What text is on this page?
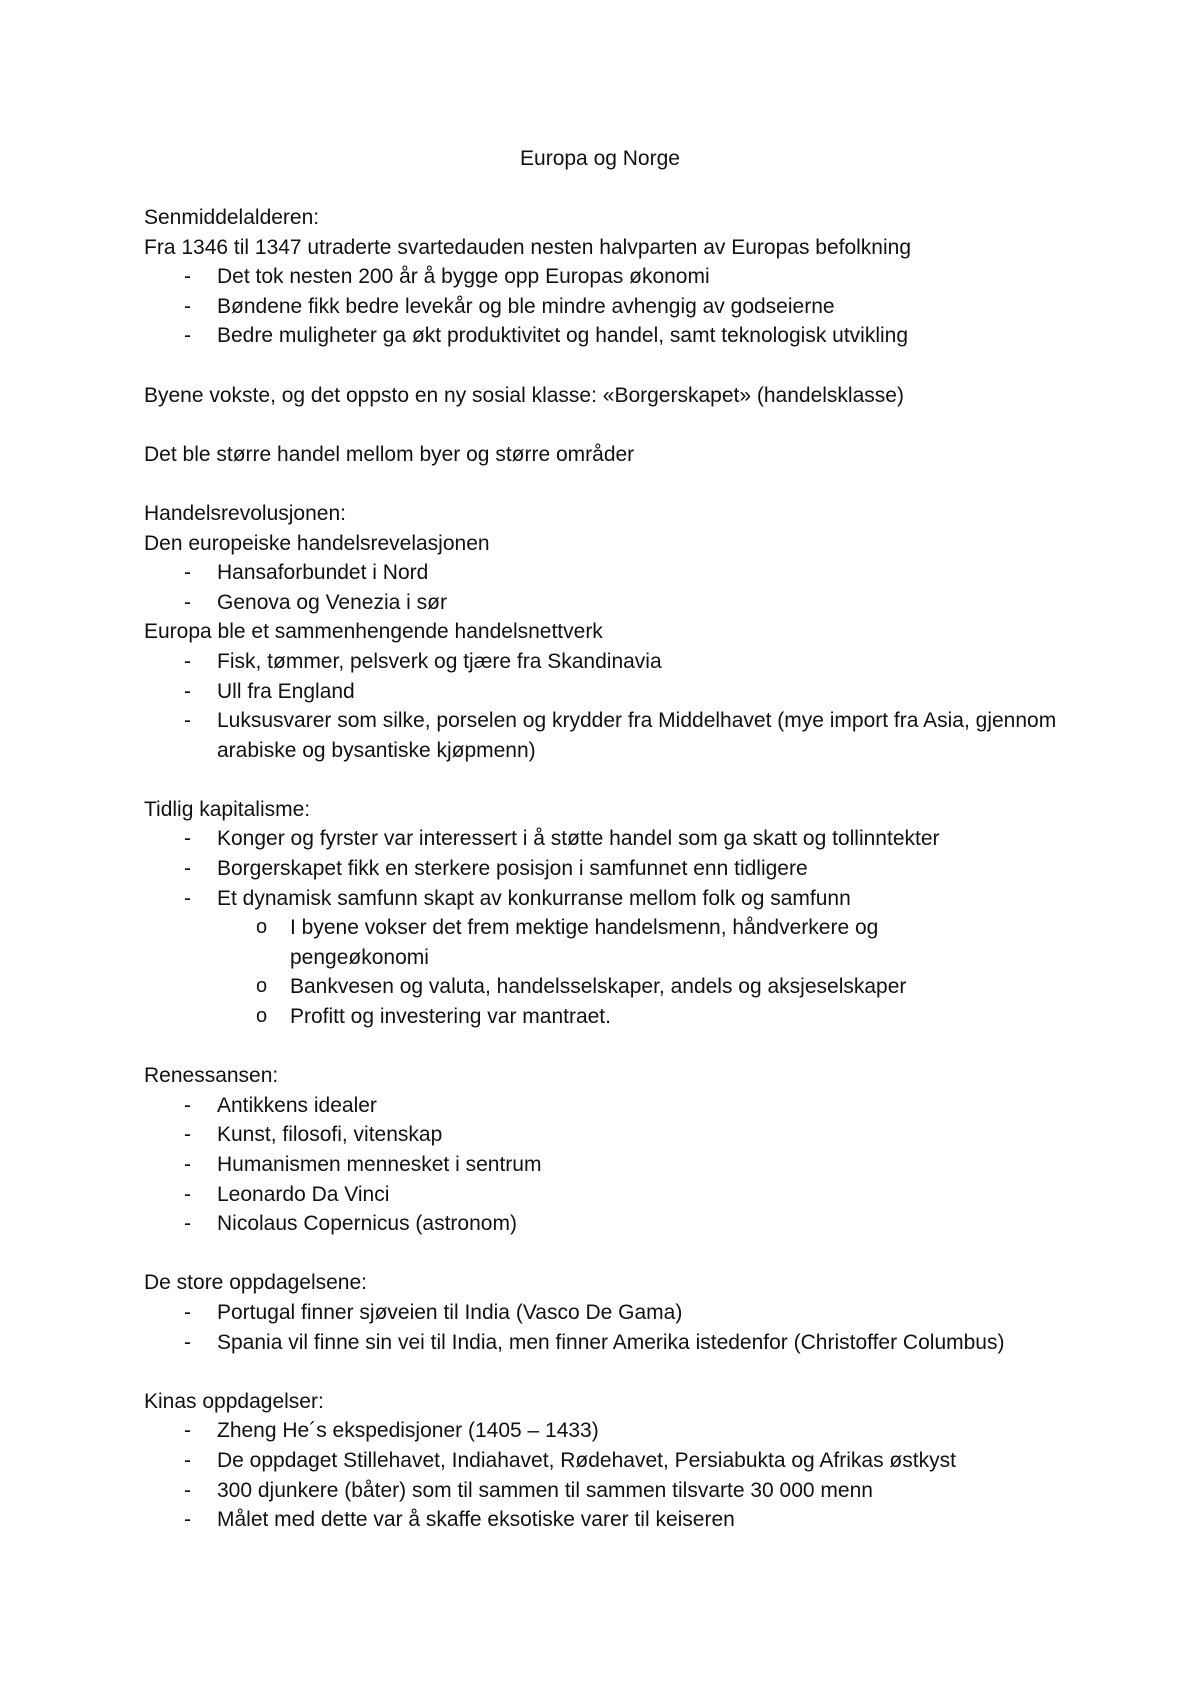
Europa og Norge
Senmiddelalderen:
Fra 1346 til 1347 utraderte svartedauden nesten halvparten av Europas befolkning
- Det tok nesten 200 år å bygge opp Europas økonomi
- Bøndene fikk bedre levekår og ble mindre avhengig av godseierne
- Bedre muligheter ga økt produktivitet og handel, samt teknologisk utvikling
Byene vokste, og det oppsto en ny sosial klasse: «Borgerskapet» (handelsklasse)
Det ble større handel mellom byer og større områder
Handelsrevolusjonen:
Den europeiske handelsrevelasjonen
- Hansaforbundet i Nord
- Genova og Venezia i sør
Europa ble et sammenhengende handelsnettverk
- Fisk, tømmer, pelsverk og tjære fra Skandinavia
- Ull fra England
- Luksusvarer som silke, porselen og krydder fra Middelhavet (mye import fra Asia, gjennom arabiske og bysantiske kjøpmenn)
Tidlig kapitalisme:
- Konger og fyrster var interessert i å støtte handel som ga skatt og tollinntekter
- Borgerskapet fikk en sterkere posisjon i samfunnet enn tidligere
- Et dynamisk samfunn skapt av konkurranse mellom folk og samfunn
o I byene vokser det frem mektige handelsmenn, håndverkere og pengeøkonomi
o Bankvesen og valuta, handelsselskaper, andels og aksjeselskaper
o Profitt og investering var mantraet.
Renessansen:
- Antikkens idealer
- Kunst, filosofi, vitenskap
- Humanismen mennesket i sentrum
- Leonardo Da Vinci
- Nicolaus Copernicus (astronom)
De store oppdagelsene:
- Portugal finner sjøveien til India (Vasco De Gama)
- Spania vil finne sin vei til India, men finner Amerika istedenfor (Christoffer Columbus)
Kinas oppdagelser:
- Zheng He´s ekspedisjoner (1405 – 1433)
- De oppdaget Stillehavet, Indiahavet, Rødehavet, Persiabukta og Afrikas østkyst
- 300 djunkere (båter) som til sammen til sammen tilsvarte 30 000 menn
- Målet med dette var å skaffe eksotiske varer til keiseren
